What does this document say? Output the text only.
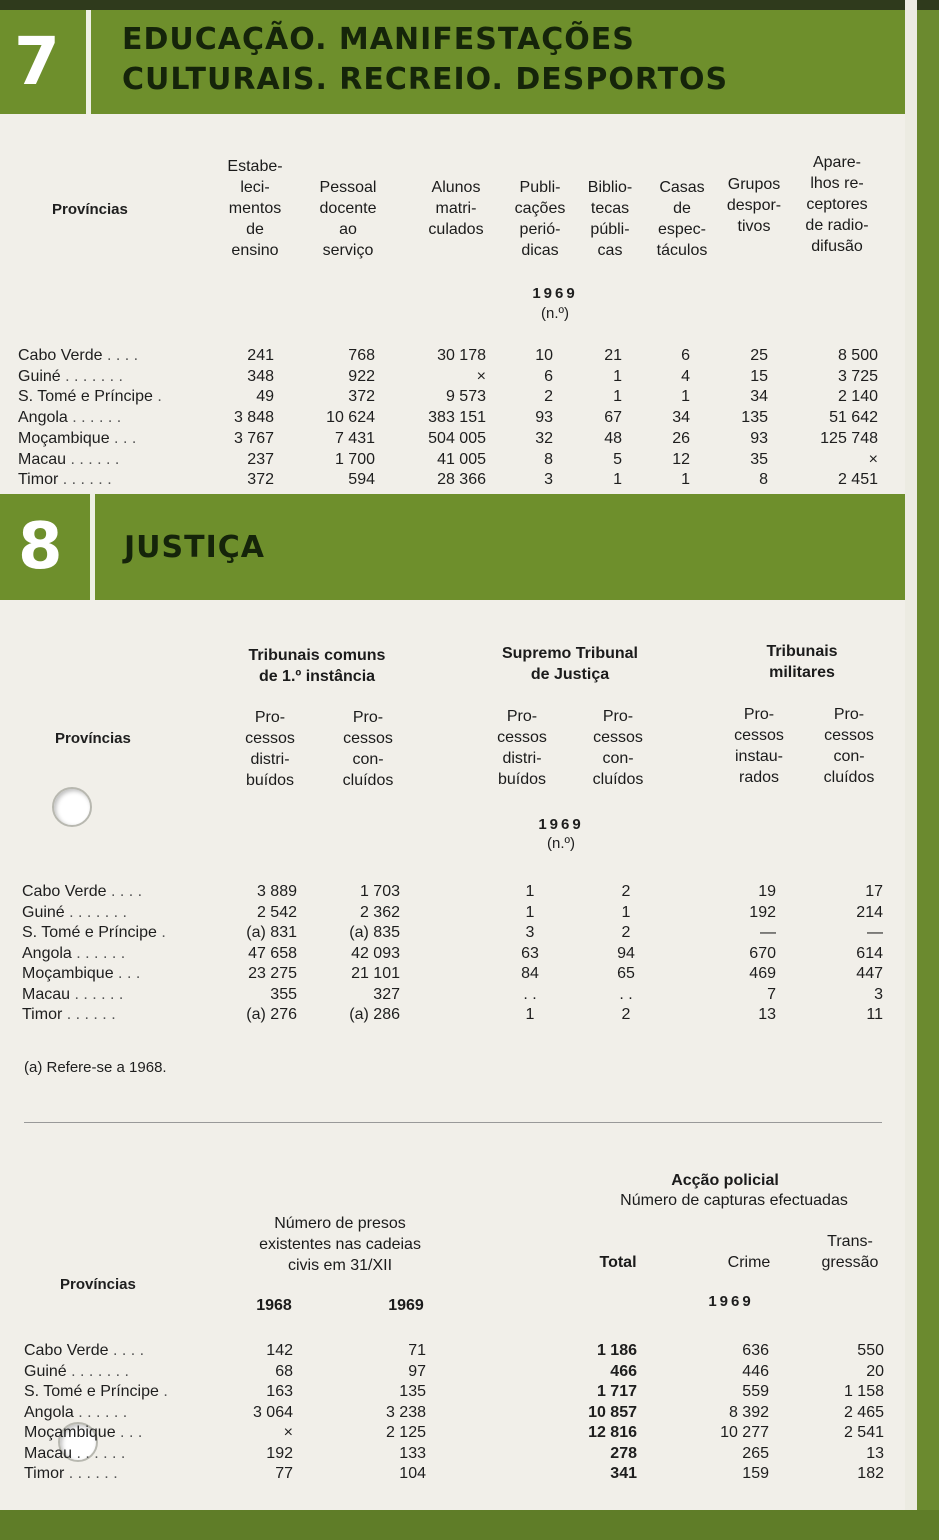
7 EDUCAÇÃO. MANIFESTAÇÕES
CULTURAIS. RECREIO. DESPORTOS
Províncias
Estabe-
leci-
mentos
de
ensino
Pessoal
docente
ao
serviço
Alunos
matri-
culados
Publi-
cações
perió-
dicas
Biblio-
tecas
públi-
cas
Casas
de
espec-
táculos
Grupos
despor-
tivos
Apare-
lhos re-
ceptores
de radio-
difusão
1969
(n.º)
Cabo Verde . . . .	241	768	30 178	10	21	6	25	8 500
Guiné . . . . . . .	348	922	×	6	1	4	15	3 725
S. Tomé e Príncipe .	49	372	9 573	2	1	1	34	2 140
Angola . . . . . .	3 848	10 624	383 151	93	67	34	135	51 642
Moçambique . . .	3 767	7 431	504 005	32	48	26	93	125 748
Macau . . . . . .	237	1 700	41 005	8	5	12	35	×
Timor . . . . . .	372	594	28 366	3	1	1	8	2 451
8 JUSTIÇA
Tribunais comuns
de 1.º instância
Supremo Tribunal
de Justiça
Tribunais
militares
Províncias
Pro-
cessos
distri-
buídos
Pro-
cessos
con-
cluídos
Pro-
cessos
distri-
buídos
Pro-
cessos
con-
cluídos
Pro-
cessos
instau-
rados
Pro-
cessos
con-
cluídos
1969
(n.º)
(a) Refere-se a 1968.
Acção policial
Número de capturas efectuadas
Número de presos
existentes nas cadeias
civis em 31/XII
Trans-
gressão
Total	Crime
Províncias
1968	1969	1969
Cabo Verde . . . .	3 889	1 703	1	2	19	17
Guiné . . . . . . .	2 542	2 362	1	1	192	214
S. Tomé e Príncipe .	(a) 831	(a) 835	3	2	—	—
Angola . . . . . .	47 658	42 093	63	94	670	614
Moçambique . . .	23 275	21 101	84	65	469	447
Macau . . . . . .	355	327	. .	. .	7	3
Timor . . . . . .	(a) 276	(a) 286	1	2	13	11
Cabo Verde . . . .	142	71	1 186	636	550
Guiné . . . . . . .	68	97	466	446	20
S. Tomé e Príncipe .	163	135	1 717	559	1 158
Angola . . . . . .	3 064	3 238	10 857	8 392	2 465
Moçambique . . .	×	2 125	12 816	10 277	2 541
Macau . . . . . .	192	133	278	265	13
Timor . . . . . .	77	104	341	159	182
